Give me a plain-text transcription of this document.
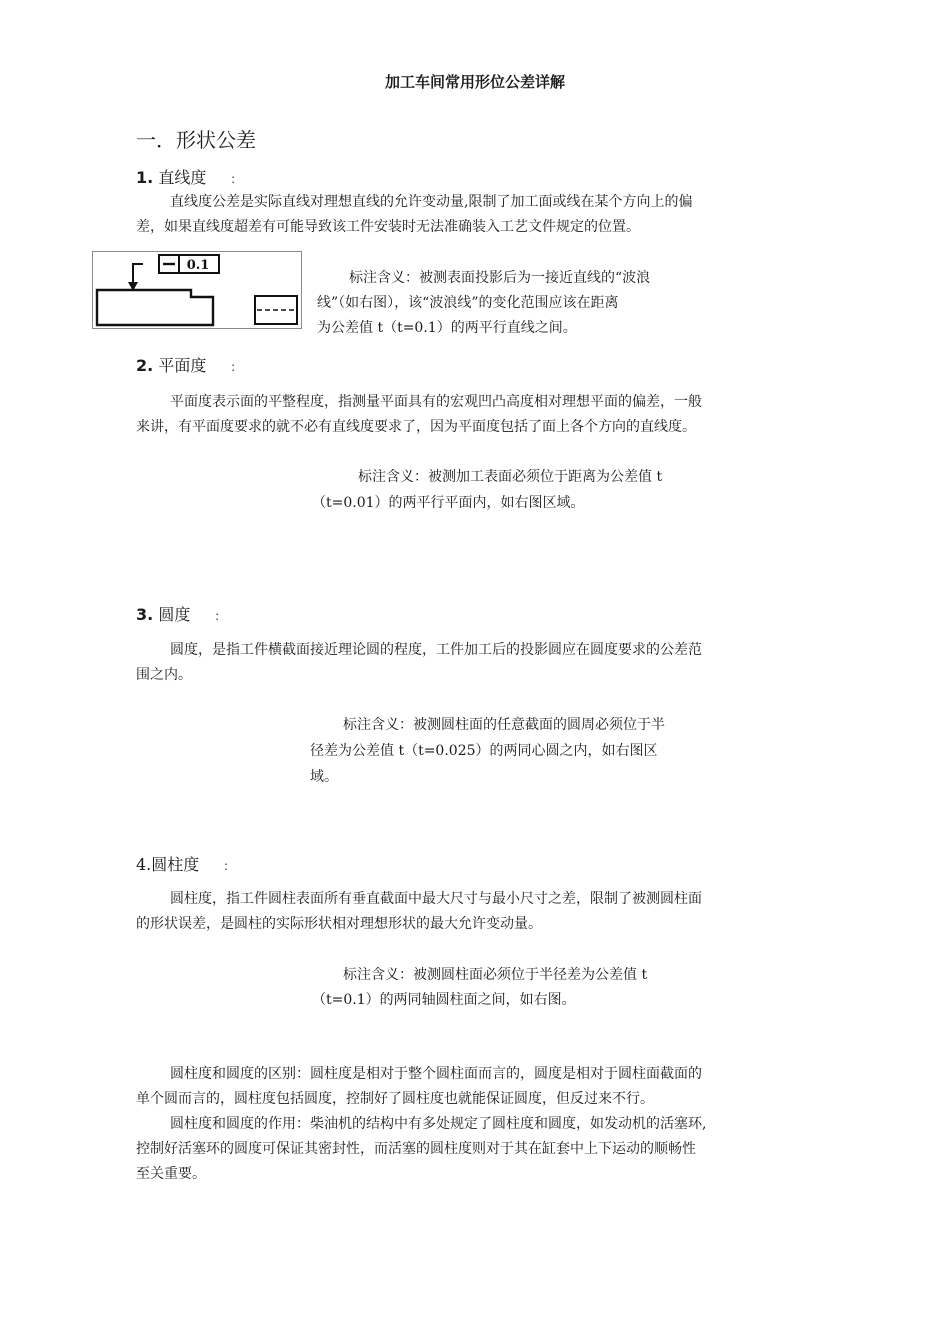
加工车间常用形位公差详解
一．形状公差
1. 直线度 ：
直线度公差是实际直线对理想直线的允许变动量,限制了加工面或线在某个方向上的偏
差，如果直线度超差有可能导致该工件安装时无法准确装入工艺文件规定的位置。
0.1
标注含义：被测表面投影后为一接近直线的“波浪
线”（如右图），该“波浪线”的变化范围应该在距离
为公差值 t（t=0.1）的两平行直线之间。
2. 平面度 ：
平面度表示面的平整程度，指测量平面具有的宏观凹凸高度相对理想平面的偏差，一般
来讲，有平面度要求的就不必有直线度要求了，因为平面度包括了面上各个方向的直线度。
标注含义：被测加工表面必须位于距离为公差值 t
（t=0.01）的两平行平面内，如右图区域。
3. 圆度 ：
圆度，是指工件横截面接近理论圆的程度，工件加工后的投影圆应在圆度要求的公差范
围之内。
标注含义：被测圆柱面的任意截面的圆周必须位于半
径差为公差值 t（t=0.025）的两同心圆之内，如右图区
域。
4.圆柱度 ：
圆柱度，指工件圆柱表面所有垂直截面中最大尺寸与最小尺寸之差，限制了被测圆柱面
的形状误差，是圆柱的实际形状相对理想形状的最大允许变动量。
标注含义：被测圆柱面必须位于半径差为公差值 t
（t=0.1）的两同轴圆柱面之间，如右图。
圆柱度和圆度的区别：圆柱度是相对于整个圆柱面而言的，圆度是相对于圆柱面截面的
单个圆而言的，圆柱度包括圆度，控制好了圆柱度也就能保证圆度，但反过来不行。
圆柱度和圆度的作用：柴油机的结构中有多处规定了圆柱度和圆度，如发动机的活塞环,
控制好活塞环的圆度可保证其密封性，而活塞的圆柱度则对于其在缸套中上下运动的顺畅性
至关重要。
